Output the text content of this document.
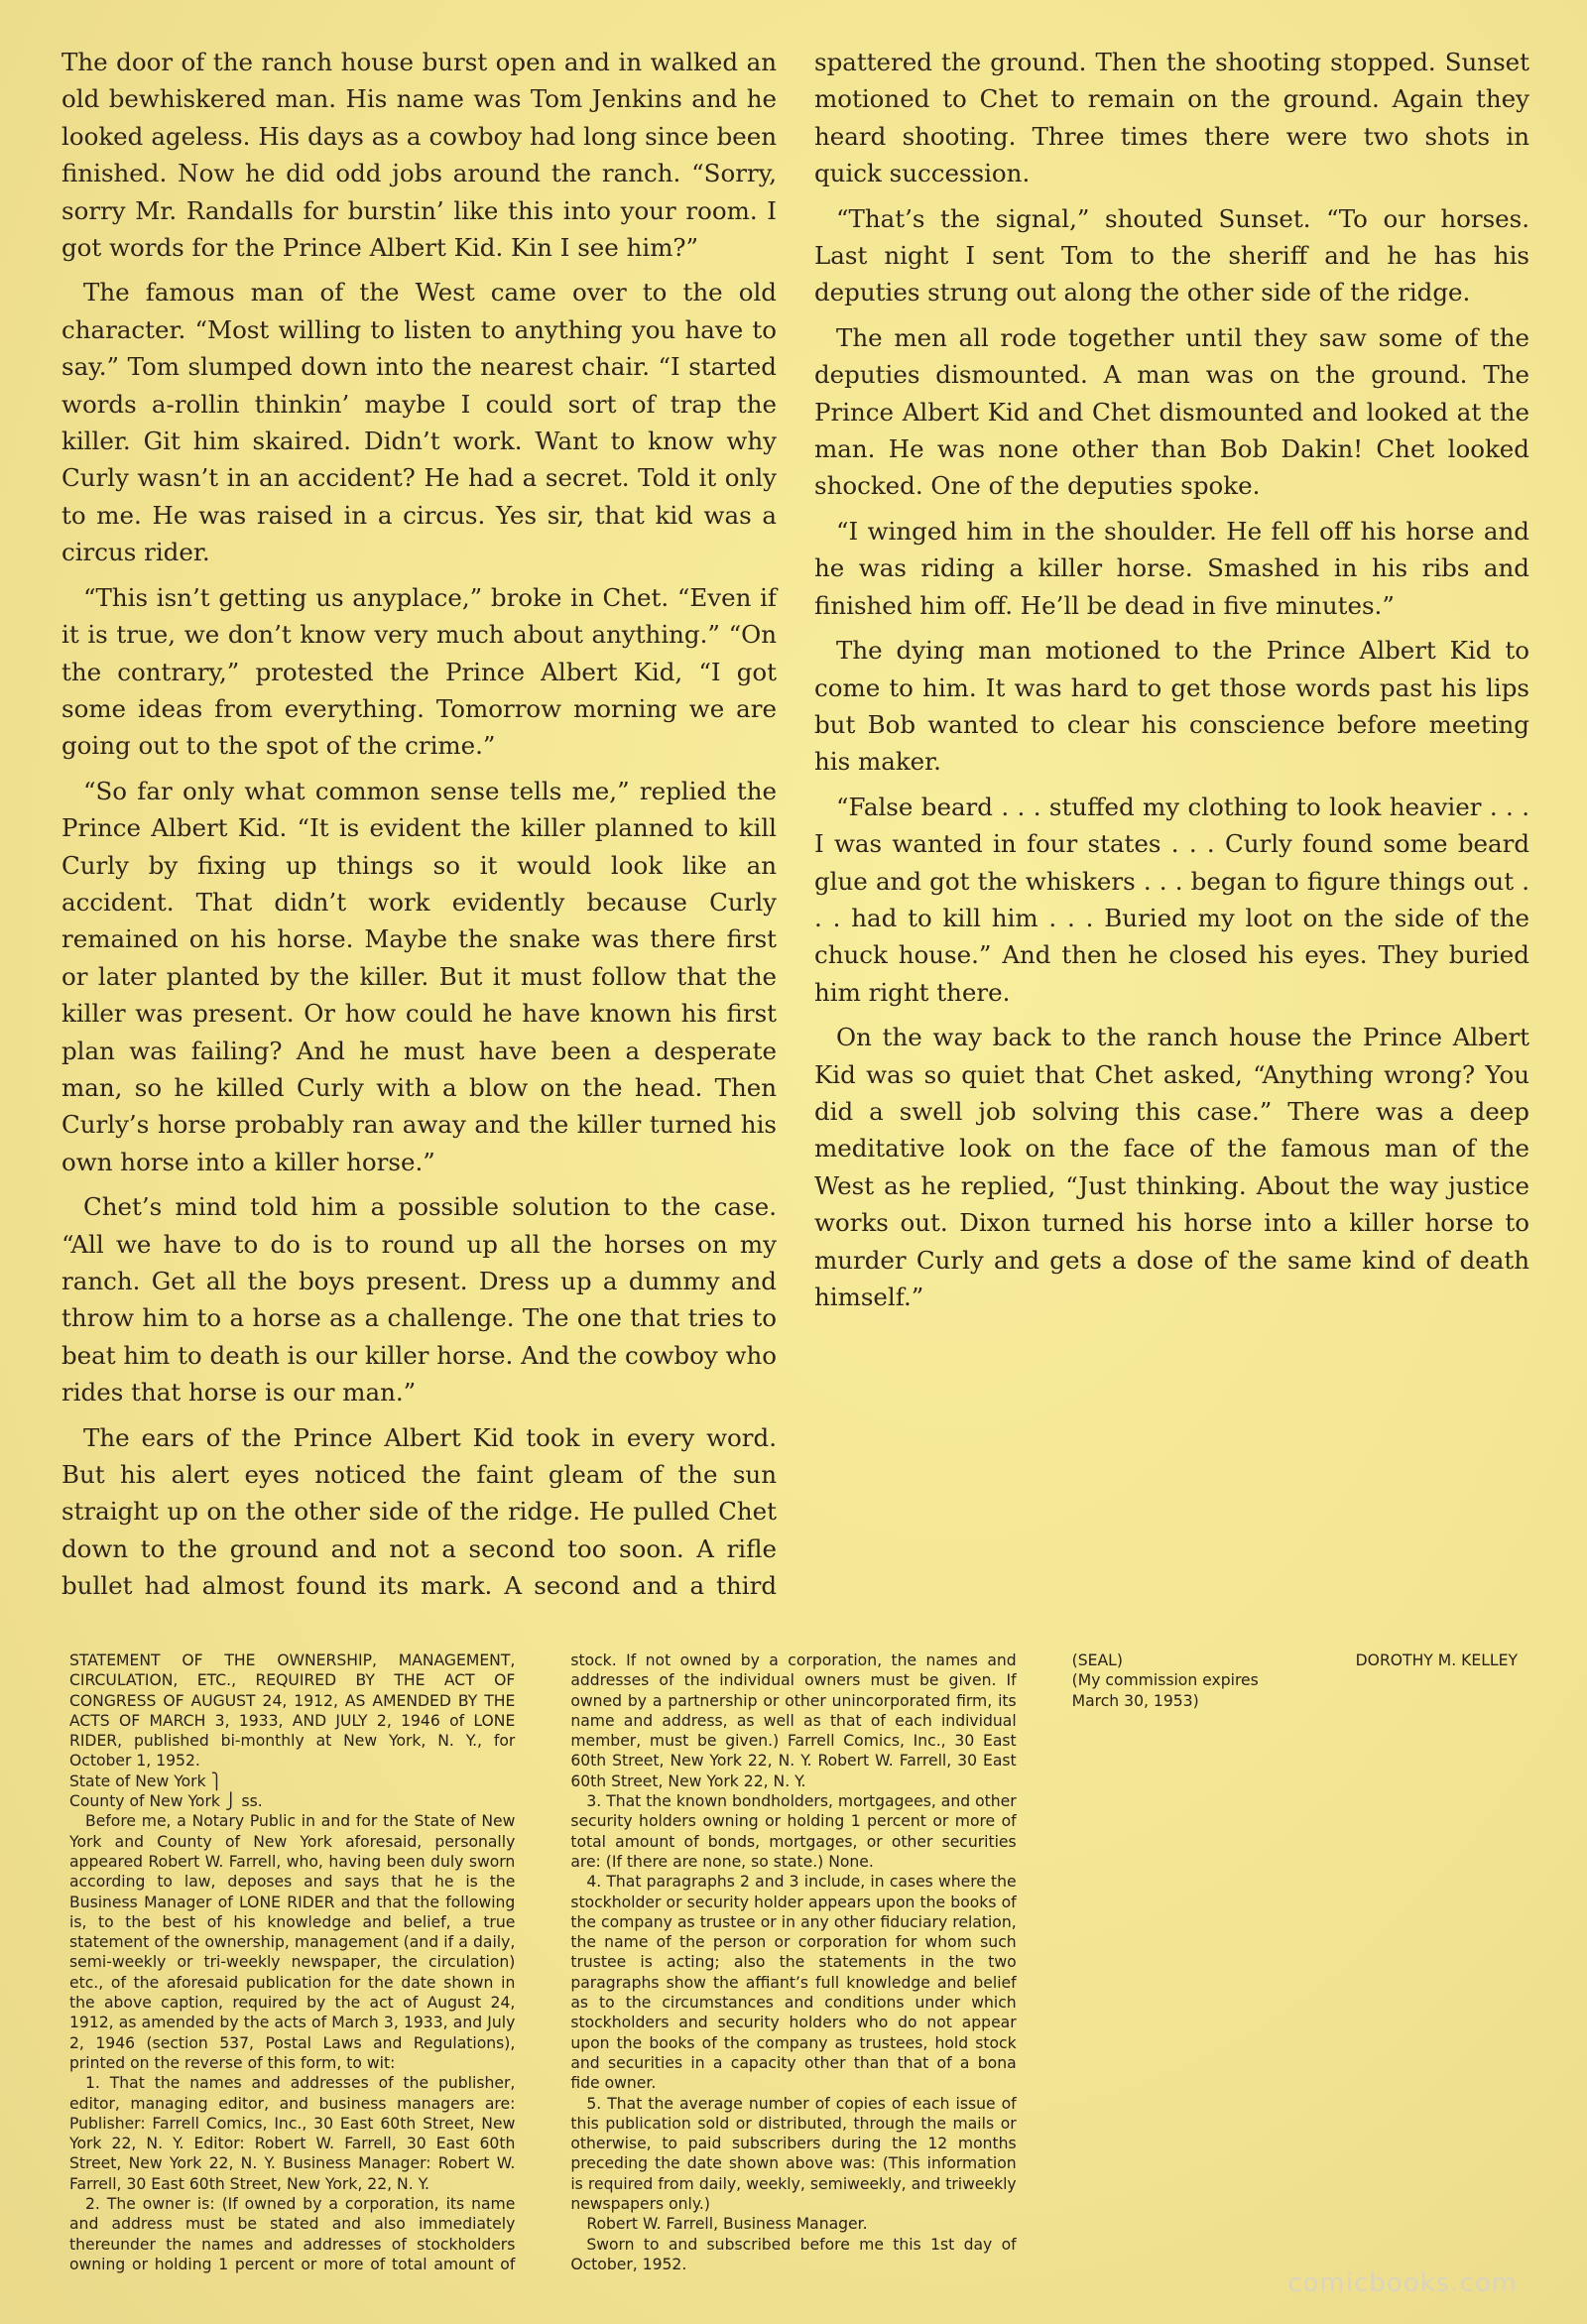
The door of the ranch house burst open and in walked an old bewhiskered man. His name was Tom Jenkins and he looked ageless. His days as a cowboy had long since been finished. Now he did odd jobs around the ranch. “Sorry, sorry Mr. Randalls for burstin’ like this into your room. I got words for the Prince Albert Kid. Kin I see him?”

The famous man of the West came over to the old character. “Most willing to listen to anything you have to say.” Tom slumped down into the nearest chair. “I started words a-rollin thinkin’ maybe I could sort of trap the killer. Git him skaired. Didn’t work. Want to know why Curly wasn’t in an accident? He had a secret. Told it only to me. He was raised in a circus. Yes sir, that kid was a circus rider.

“This isn’t getting us anyplace,” broke in Chet. “Even if it is true, we don’t know very much about anything.” “On the contrary,” protested the Prince Albert Kid, “I got some ideas from everything. Tomorrow morning we are going out to the spot of the crime.”

“So far only what common sense tells me,” replied the Prince Albert Kid. “It is evident the killer planned to kill Curly by fixing up things so it would look like an accident. That didn’t work evidently because Curly remained on his horse. Maybe the snake was there first or later planted by the killer. But it must follow that the killer was present. Or how could he have known his first plan was failing? And he must have been a desperate man, so he killed Curly with a blow on the head. Then Curly’s horse probably ran away and the killer turned his own horse into a killer horse.”

Chet’s mind told him a possible solution to the case. “All we have to do is to round up all the horses on my ranch. Get all the boys present. Dress up a dummy and throw him to a horse as a challenge. The one that tries to beat him to death is our killer horse. And the cowboy who rides that horse is our man.”

The ears of the Prince Albert Kid took in every word. But his alert eyes noticed the faint gleam of the sun straight up on the other side of the ridge. He pulled Chet down to the ground and not a second too soon. A rifle bullet had almost found its mark. A second and a third spattered the ground. Then the shooting stopped. Sunset motioned to Chet to remain on the ground. Again they heard shooting. Three times there were two shots in quick succession.

“That’s the signal,” shouted Sunset. “To our horses. Last night I sent Tom to the sheriff and he has his deputies strung out along the other side of the ridge.

The men all rode together until they saw some of the deputies dismounted. A man was on the ground. The Prince Albert Kid and Chet dismounted and looked at the man. He was none other than Bob Dakin! Chet looked shocked. One of the deputies spoke.

“I winged him in the shoulder. He fell off his horse and he was riding a killer horse. Smashed in his ribs and finished him off. He’ll be dead in five minutes.”

The dying man motioned to the Prince Albert Kid to come to him. It was hard to get those words past his lips but Bob wanted to clear his conscience before meeting his maker.

“False beard . . . stuffed my clothing to look heavier . . . I was wanted in four states . . . Curly found some beard glue and got the whiskers . . . began to figure things out . . . had to kill him . . . Buried my loot on the side of the chuck house.” And then he closed his eyes. They buried him right there.

On the way back to the ranch house the Prince Albert Kid was so quiet that Chet asked, “Anything wrong? You did a swell job solving this case.” There was a deep meditative look on the face of the famous man of the West as he replied, “Just thinking. About the way justice works out. Dixon turned his horse into a killer horse to murder Curly and gets a dose of the same kind of death himself.”

STATEMENT OF THE OWNERSHIP, MANAGEMENT, CIRCULATION, ETC., REQUIRED BY THE ACT OF CONGRESS OF AUGUST 24, 1912, AS AMENDED BY THE ACTS OF MARCH 3, 1933, AND JULY 2, 1946 of LONE RIDER, published bi-monthly at New York, N. Y., for October 1, 1952.

State of New York ⎫

County of New York ⎭ ss.

Before me, a Notary Public in and for the State of New York and County of New York aforesaid, personally appeared Robert W. Farrell, who, having been duly sworn according to law, deposes and says that he is the Business Manager of LONE RIDER and that the following is, to the best of his knowledge and belief, a true statement of the ownership, management (and if a daily, semi-weekly or tri-weekly newspaper, the circulation) etc., of the aforesaid publication for the date shown in the above caption, required by the act of August 24, 1912, as amended by the acts of March 3, 1933, and July 2, 1946 (section 537, Postal Laws and Regulations), printed on the reverse of this form, to wit:

1. That the names and addresses of the publisher, editor, managing editor, and business managers are: Publisher: Farrell Comics, Inc., 30 East 60th Street, New York 22, N. Y. Editor: Robert W. Farrell, 30 East 60th Street, New York 22, N. Y. Business Manager: Robert W. Farrell, 30 East 60th Street, New York, 22, N. Y.

2. The owner is: (If owned by a corporation, its name and address must be stated and also immediately thereunder the names and addresses of stockholders owning or holding 1 percent or more of total amount of stock. If not owned by a corporation, the names and addresses of the individual owners must be given. If owned by a partnership or other unincorporated firm, its name and address, as well as that of each individual member, must be given.) Farrell Comics, Inc., 30 East 60th Street, New York 22, N. Y. Robert W. Farrell, 30 East 60th Street, New York 22, N. Y.

3. That the known bondholders, mortgagees, and other security holders owning or holding 1 percent or more of total amount of bonds, mortgages, or other securities are: (If there are none, so state.) None.

4. That paragraphs 2 and 3 include, in cases where the stockholder or security holder appears upon the books of the company as trustee or in any other fiduciary relation, the name of the person or corporation for whom such trustee is acting; also the statements in the two paragraphs show the affiant’s full knowledge and belief as to the circumstances and conditions under which stockholders and security holders who do not appear upon the books of the company as trustees, hold stock and securities in a capacity other than that of a bona fide owner.

5. That the average number of copies of each issue of this publication sold or distributed, through the mails or otherwise, to paid subscribers during the 12 months preceding the date shown above was: (This information is required from daily, weekly, semiweekly, and triweekly newspapers only.)

Robert W. Farrell, Business Manager.

Sworn to and subscribed before me this 1st day of October, 1952.

(SEAL)	DOROTHY M. KELLEY

(My commission expires

March 30, 1953)

comicbooks.com
